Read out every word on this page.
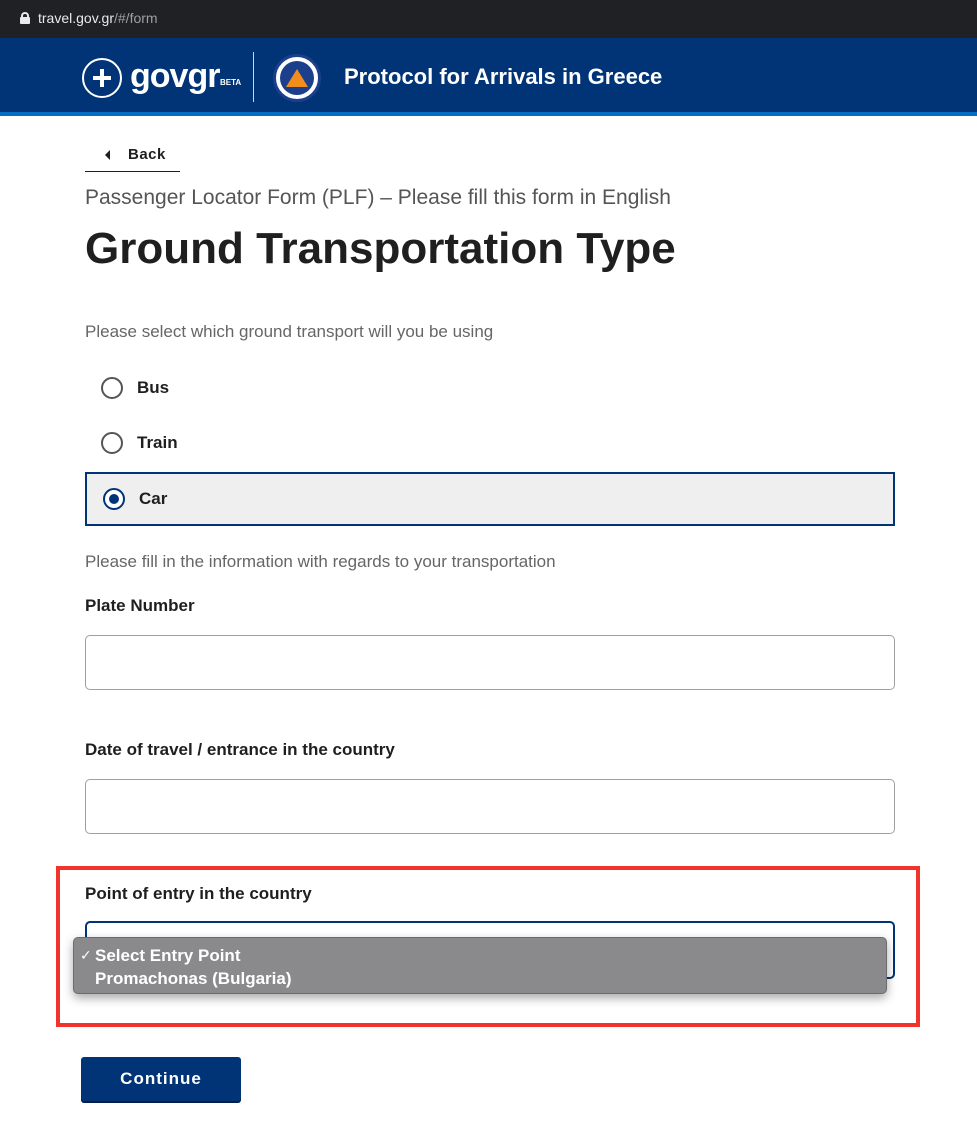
travel.gov.gr/#/form
govgr BETA	Protocol for Arrivals in Greece
Back
Passenger Locator Form (PLF) – Please fill this form in English
Ground Transportation Type
Please select which ground transport will you be using
Bus
Train
Car
Please fill in the information with regards to your transportation
Plate Number
Date of travel / entrance in the country
Point of entry in the country
✓ Select Entry Point
Promachonas (Bulgaria)
Continue
